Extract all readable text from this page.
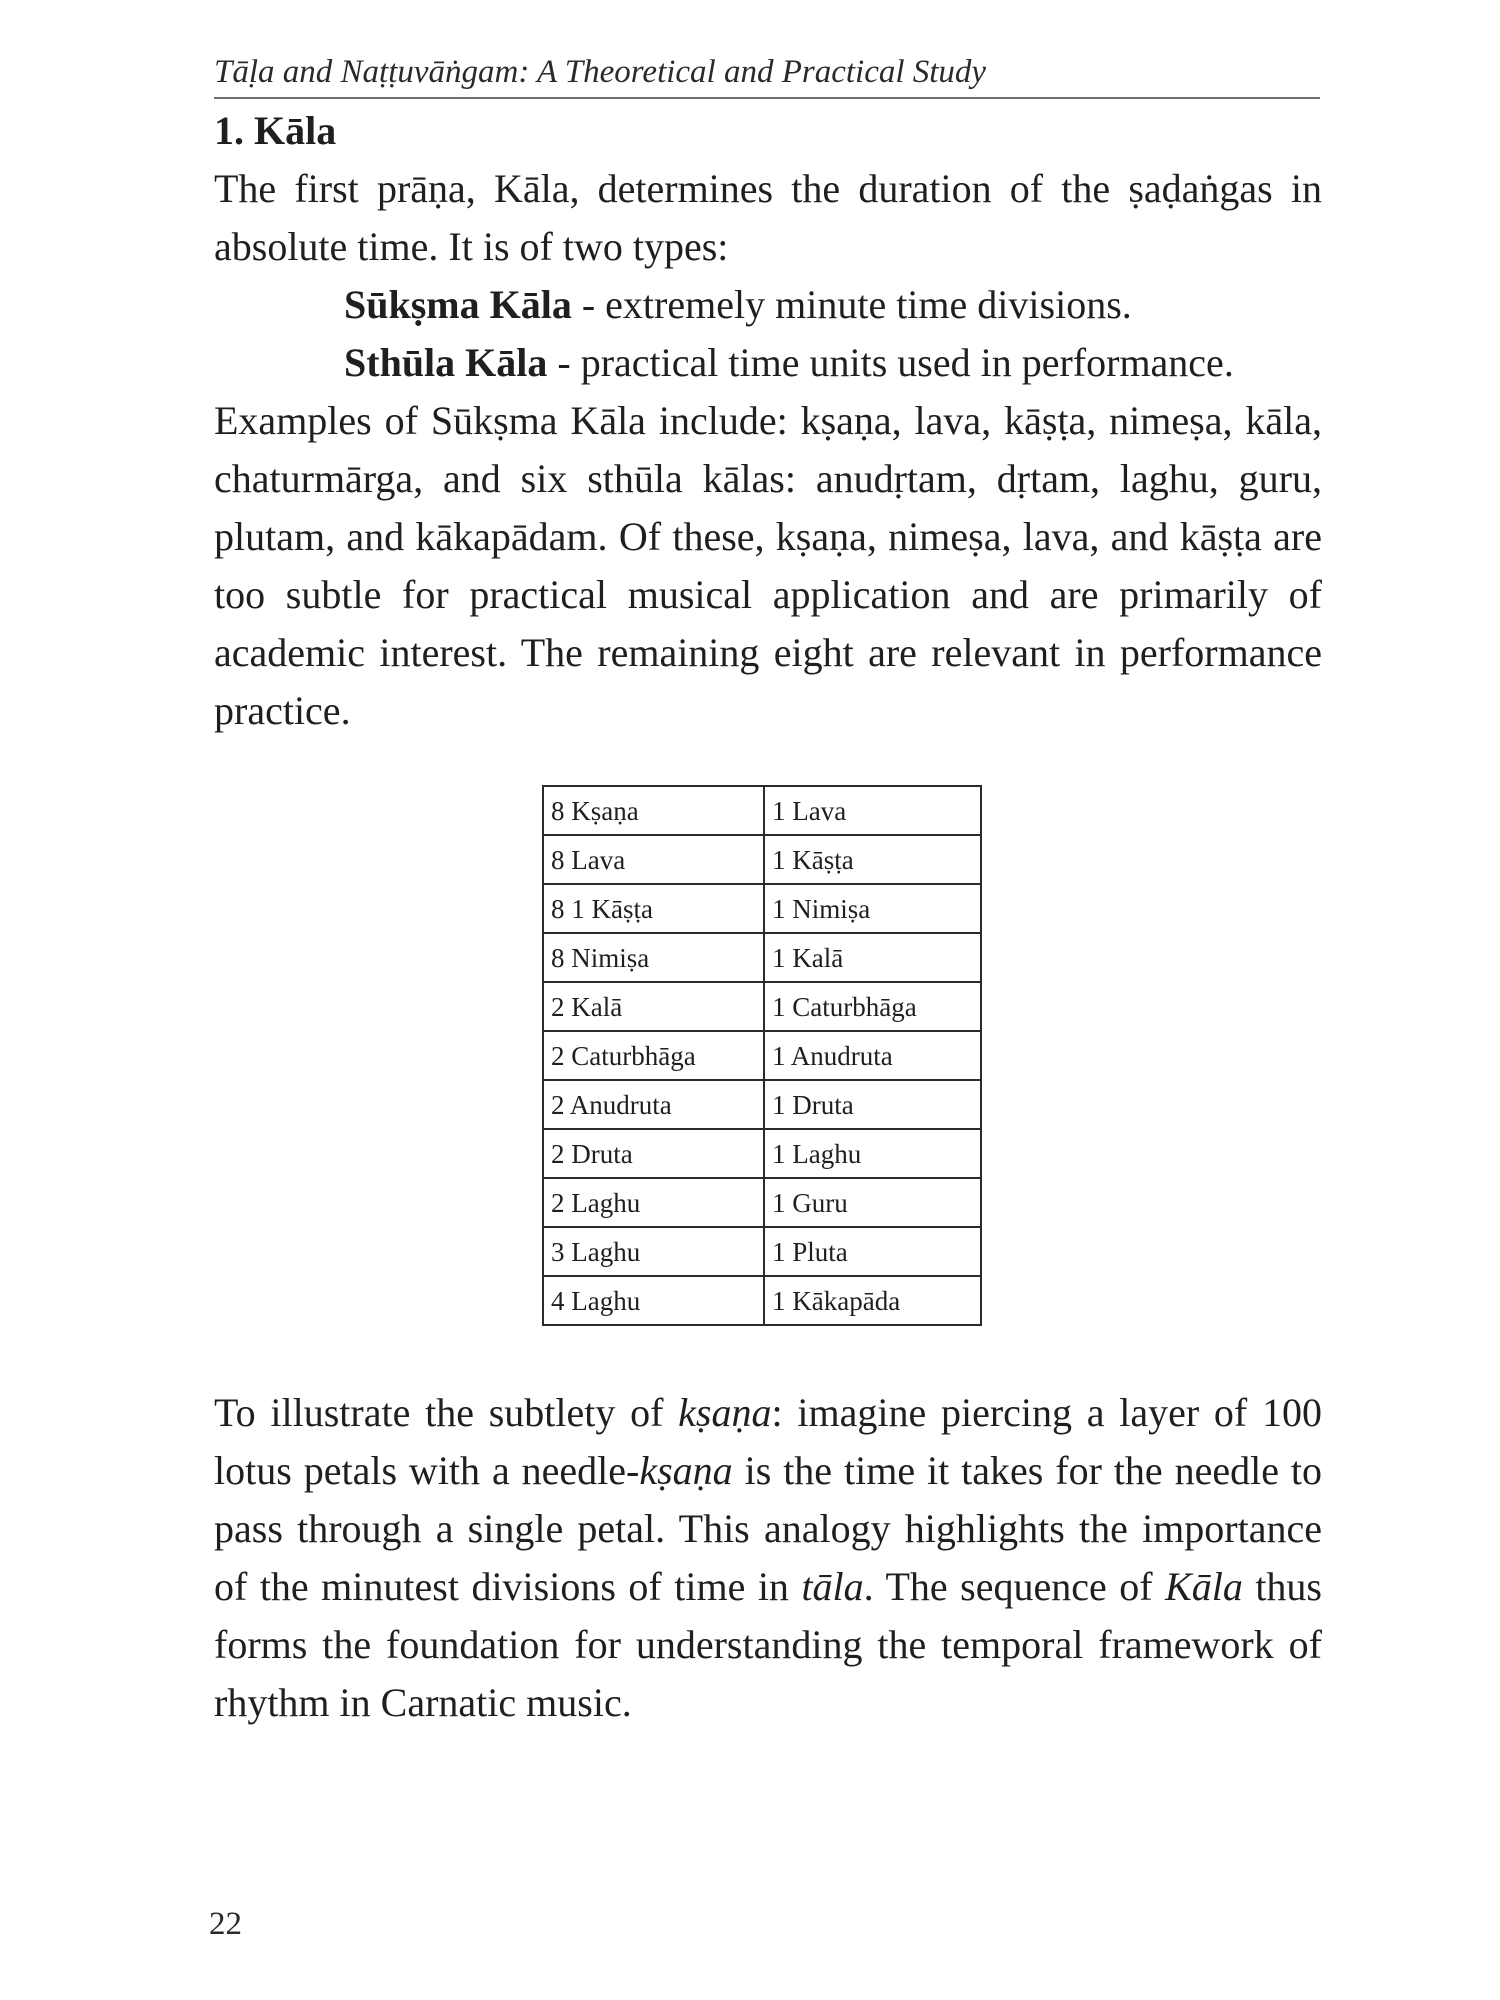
Tāḷa and Naṭṭuvāṅgam: A Theoretical and Practical Study
1. Kāla

The first prāṇa, Kāla, determines the duration of the ṣaḍaṅgas in absolute time. It is of two types:

Sūkṣma Kāla - extremely minute time divisions.
Sthūla Kāla - practical time units used in performance.

Examples of Sūkṣma Kāla include: kṣaṇa, lava, kāṣṭa, nimeṣa, kāla, chaturmārga, and six sthūla kālas: anudṛtam, dṛtam, laghu, guru, plutam, and kākapādam. Of these, kṣaṇa, nimeṣa, lava, and kāṣṭa are too subtle for practical musical application and are primarily of academic interest. The remaining eight are relevant in performance practice.

8 Kṣaṇa	1 Lava
8 Lava	1 Kāṣṭa
8 1 Kāṣṭa	1 Nimiṣa
8 Nimiṣa	1 Kalā
2 Kalā	1 Caturbhāga
2 Caturbhāga	1 Anudruta
2 Anudruta	1 Druta
2 Druta	1 Laghu
2 Laghu	1 Guru
3 Laghu	1 Pluta
4 Laghu	1 Kākapāda

To illustrate the subtlety of kṣaṇa: imagine piercing a layer of 100 lotus petals with a needle-kṣaṇa is the time it takes for the needle to pass through a single petal. This analogy highlights the importance of the minutest divisions of time in tāla. The sequence of Kāla thus forms the foundation for understanding the temporal framework of rhythm in Carnatic music.

22
